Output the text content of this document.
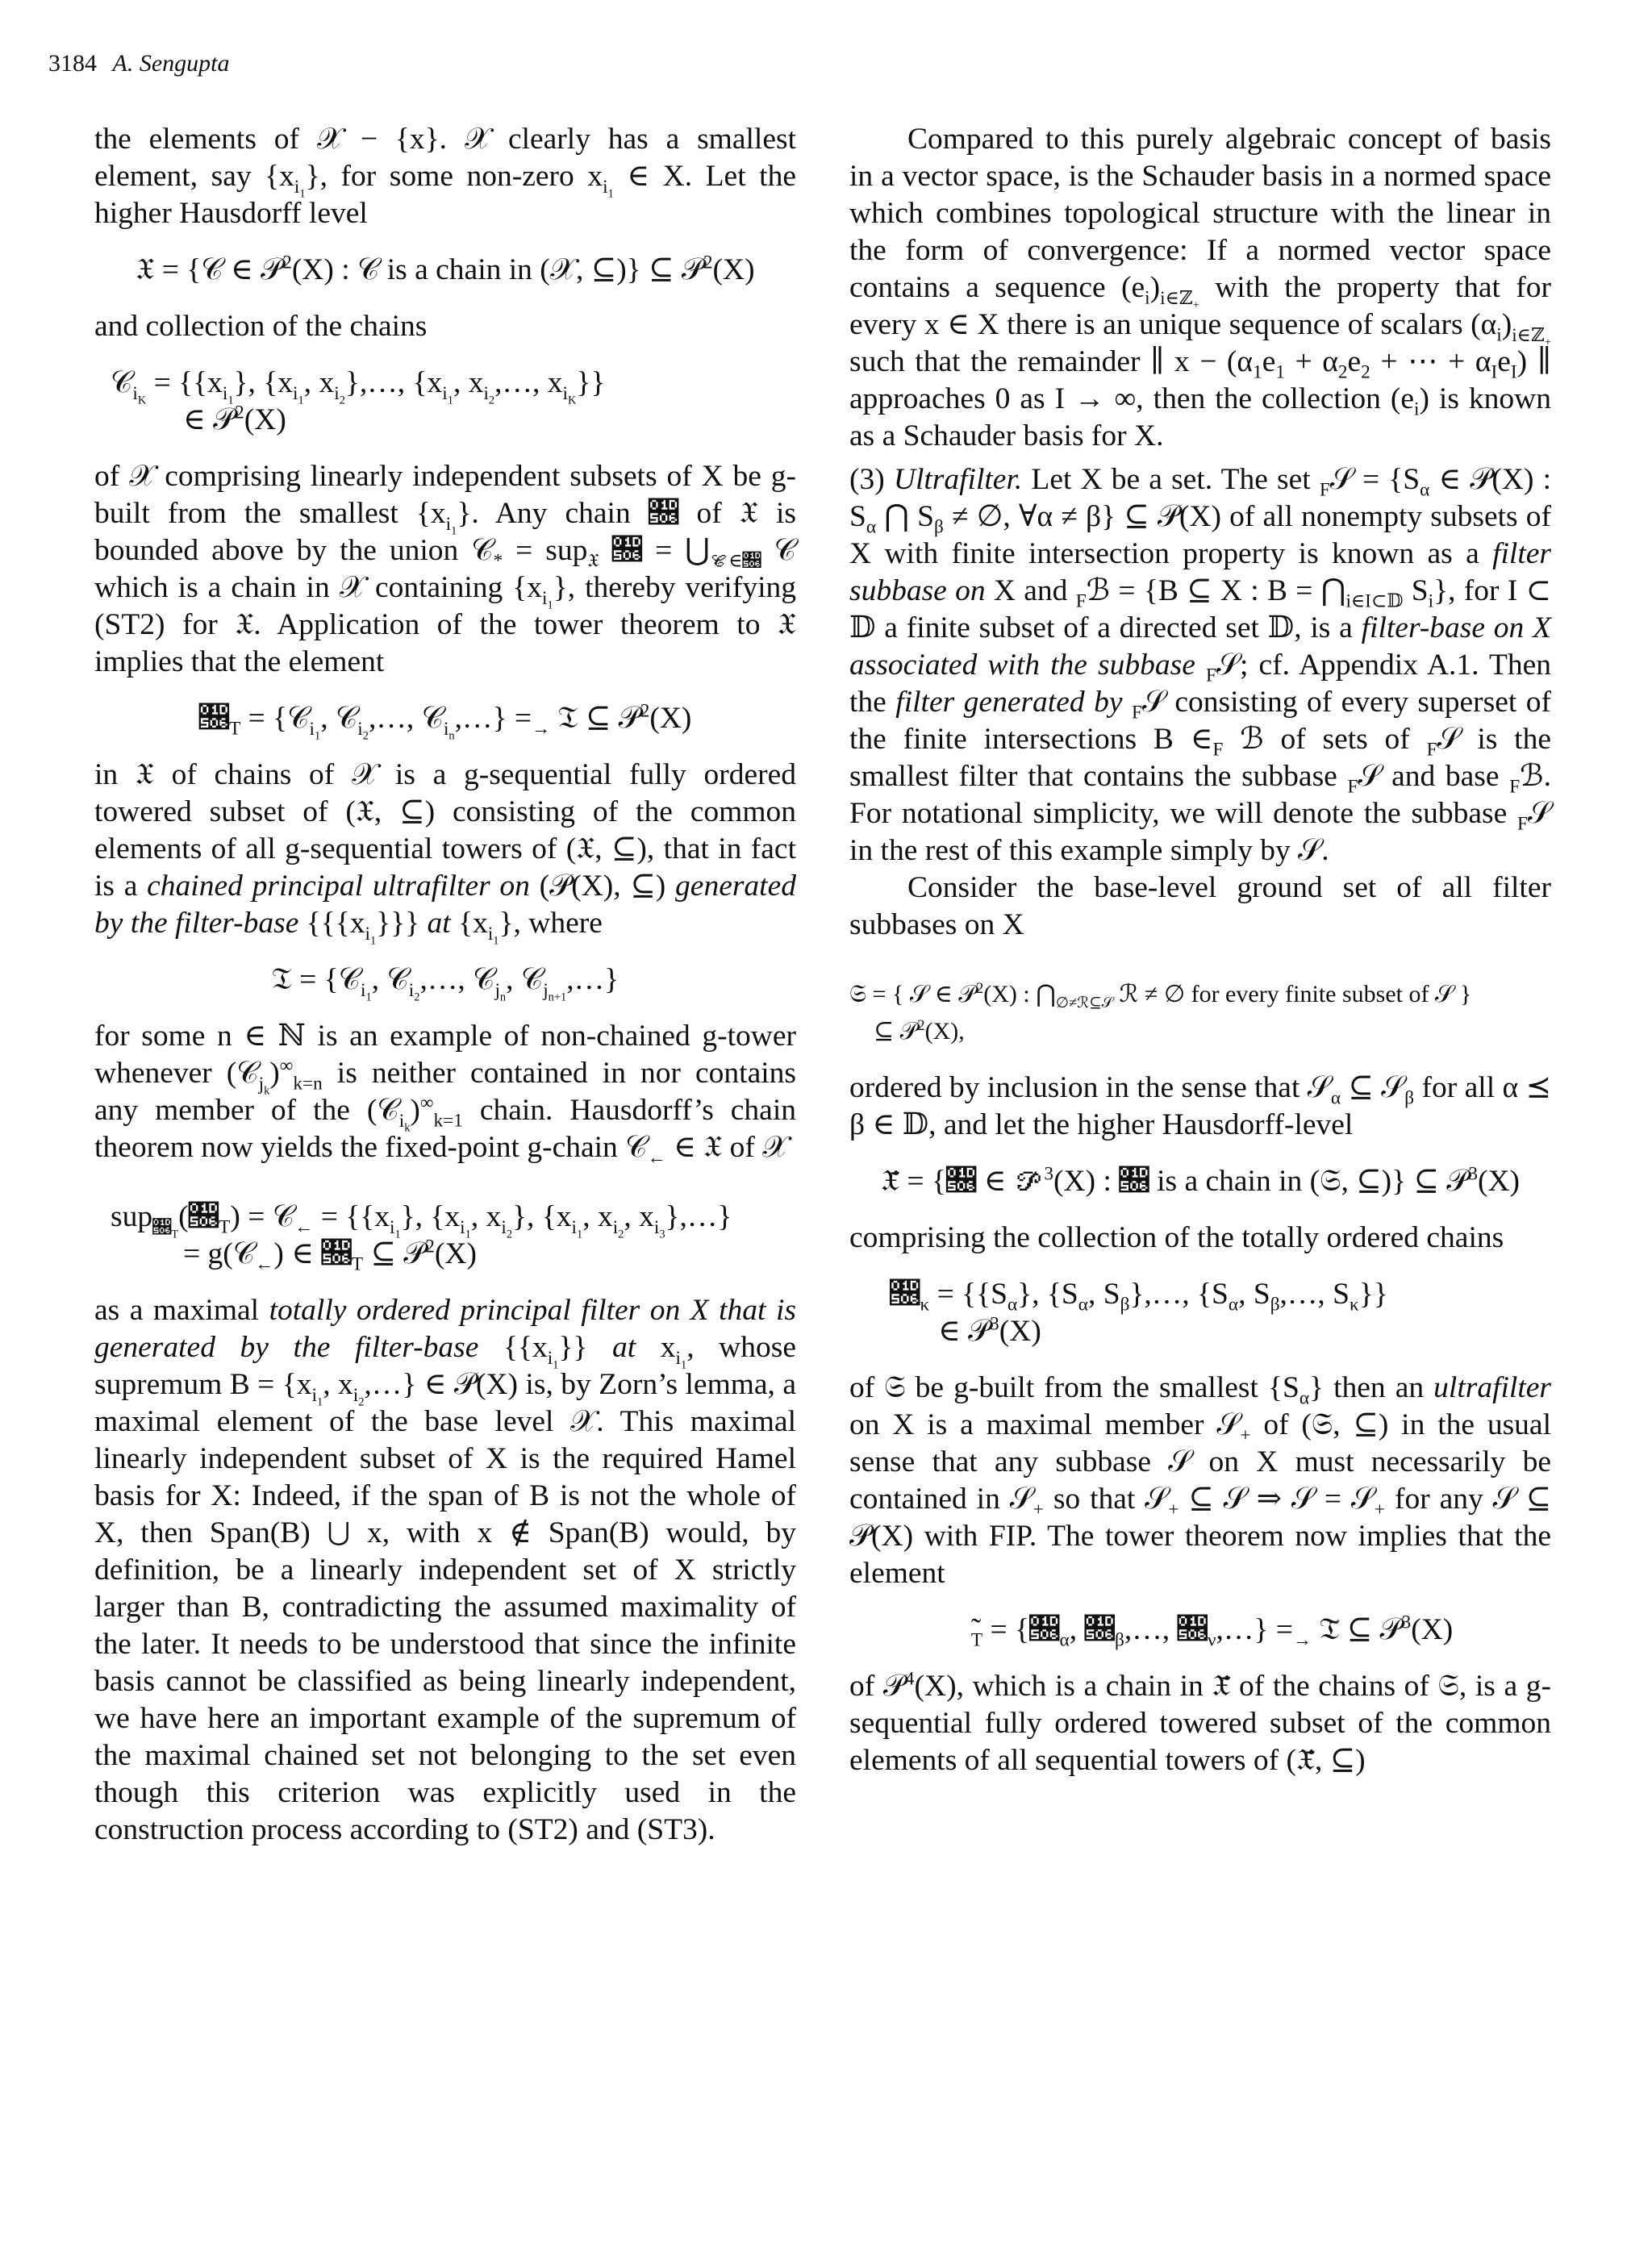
3184 A. Sengupta

the elements of 𝒳 − {x}. 𝒳 clearly has a smallest element, say $\{x_{i_1}\}$, for some non-zero $x_{i_1}$ ∈ X. Let the higher Hausdorff level

𝔛 = {𝒞 ∈ 𝒫$^2$(X) : 𝒞 is a chain in (𝒳, ⊆)} ⊆ 𝒫$^2$(X)

and collection of the chains

𝒞$_{i_K}$ = {$\{x_{i_1}\}$, {$x_{i_1}$, $x_{i_2}\},\dots$, {$x_{i_1}$, $x_{i_2},\dots$, $x_{i_K}$}}
∈ 𝒫$^2$(X)

of 𝒳 comprising linearly independent subsets of X be g-built from the smallest $\{x_{i_1}\}$. Any chain 𝔆 of 𝔛 is bounded above by the union 𝒞$_*$ = sup$_𝔛$ 𝔆 = $⋃_{𝒞\in𝔆}$ 𝒞 which is a chain in 𝒳 containing $\{x_{i_1}\}$, thereby verifying (ST2) for 𝔛. Application of the tower theorem to 𝔛 implies that the element

$𝔆_T$ = {𝒞$_{i_1}$, 𝒞$_{i_2}$,…, 𝒞$_{i_n}$,…} $=_\to$ 𝔗 ⊆ 𝒫$^2$(X)

in 𝔛 of chains of 𝒳 is a g-sequential fully ordered towered subset of (𝔛, ⊆) consisting of the common elements of all g-sequential towers of (𝔛, ⊆), that in fact is a chained principal ultrafilter on (𝒫(X), ⊆) generated by the filter-base $\{\{\{x_{i_1}\}\}\}$ at $\{x_{i_1}\}$, where

𝔗 = {𝒞$_{i_1}$, 𝒞$_{i_2}$,…, 𝒞$_{j_n}$, 𝒞$_{j_{n+1}}$,…}

for some n ∈ ℕ is an example of non-chained g-tower whenever $(𝒞_{j_k})^\infty_{k=n}$ is neither contained in nor contains any member of the $(𝒞_{i_k})^\infty_{k=1}$ chain. Hausdorff’s chain theorem now yields the fixed-point g-chain 𝒞$_\leftarrow$ ∈ 𝔛 of 𝒳

$sup_{𝔆_T}(𝔆_T)$ = 𝒞$_\leftarrow$ = {$\{x_{i_1}\}$, {$x_{i_1}$, $x_{i_2}$}, {$x_{i_1}$, $x_{i_2}$, $x_{i_3}\},\dots$}
= g(𝒞$_\leftarrow$) ∈ $𝔆_T$ ⊆ 𝒫$^2$(X)

as a maximal totally ordered principal filter on X that is generated by the filter-base $\{\{x_{i_1}\}\}$ at $x_{i_1}$, whose supremum $B = \{x_{i_1}$, $x_{i_2},\dots$} ∈ 𝒫(X) is, by Zorn’s lemma, a maximal element of the base level 𝒳. This maximal linearly independent subset of X is the required Hamel basis for X: Indeed, if the span of B is not the whole of X, then Span(B) ⋃ x, with x ∉ Span(B) would, by definition, be a linearly independent set of X strictly larger than B, contradicting the assumed maximality of the later. It needs to be understood that since the infinite basis cannot be classified as being linearly independent, we have here an important example of the supremum of the maximal chained set not belonging to the set even though this criterion was explicitly used in the construction process according to (ST2) and (ST3).

Compared to this purely algebraic concept of basis in a vector space, is the Schauder basis in a normed space which combines topological structure with the linear in the form of convergence: If a normed vector space contains a sequence $(e_i)_{i\in ℤ_+}$ with the property that for every x ∈ X there is an unique sequence of scalars $(\alpha_i)_{i\in ℤ_+}$ such that the remainder ∥ $x - (\alpha_1e_1 + \alpha_2e_2$ + ⋯ + $\alpha_Ie_I$) ∥ approaches 0 as I → ∞, then the collection $(e_i)$ is known as a Schauder basis for X.

(3) Ultrafilter. Let X be a set. The set $_F$𝒮 = {$S_\alpha$ ∈ 𝒫(X) : $S_\alpha$ ⋂ $S_\beta$ ≠ ∅, ∀α ≠ β} ⊆ 𝒫(X) of all nonempty subsets of X with finite intersection property is known as a filter subbase on X and $_F$ℬ = {B ⊆ X : $B = ⋂_{i\in I\subset 𝔻}$ $S_i$}, for I ⊂ 𝔻 a finite subset of a directed set 𝔻, is a filter-base on X associated with the subbase $_F$𝒮; cf. Appendix A.1. Then the filter generated by $_F$𝒮 consisting of every superset of the finite intersections B $\in_F$ ℬ of sets of $_F$𝒮 is the smallest filter that contains the subbase $_F$𝒮 and base $_F$ℬ. For notational simplicity, we will denote the subbase $_F$𝒮 in the rest of this example simply by 𝒮.

Consider the base-level ground set of all filter subbases on X

𝔖 = { 𝒮 ∈ 𝒫$^2$(X) : $⋂_{\emptyset\ne ℛ⊆𝒮}$ ℛ ≠ ∅ for every finite subset of 𝒮 }
⊆ 𝒫$^2$(X),

ordered by inclusion in the sense that 𝒮$_\alpha$ ⊆ 𝒮$_\beta$ for all α ⪯ β ∈ 𝔻, and let the higher Hausdorff-level

𝔛̃ = {𝔆 ∈ 𝒫$^3$(X) : 𝔆 is a chain in (𝔖, ⊆)} ⊆ 𝒫$^3$(X)

comprising the collection of the totally ordered chains

$𝔆_\kappa = \{\{S_\alpha\}$, {$S_\alpha$, $S_\beta\},\dots$, {$S_\alpha$, $S_\beta,\dots$, $S_\kappa$}}
∈ 𝒫$^3$(X)

of 𝔖 be g-built from the smallest $\{S_\alpha\}$ then an ultrafilter on X is a maximal member 𝒮$_+$ of (𝔖, ⊆) in the usual sense that any subbase 𝒮 on X must necessarily be contained in 𝒮$_+$ so that 𝒮$_+$ ⊆ 𝒮 ⇒ 𝒮 = 𝒮$_+$ for any 𝒮 ⊆ 𝒫(X) with FIP. The tower theorem now implies that the element

$𝔆̃_T$ = {$𝔆_\alpha$, $𝔆_\beta,\dots$, $𝔆_\nu,\dots\} =_\to$ 𝔗̃ ⊆ 𝒫$^3$(X)

of 𝒫$^4$(X), which is a chain in 𝔛̃ of the chains of 𝔖, is a g-sequential fully ordered towered subset of the common elements of all sequential towers of (𝔛̃, ⊆)
